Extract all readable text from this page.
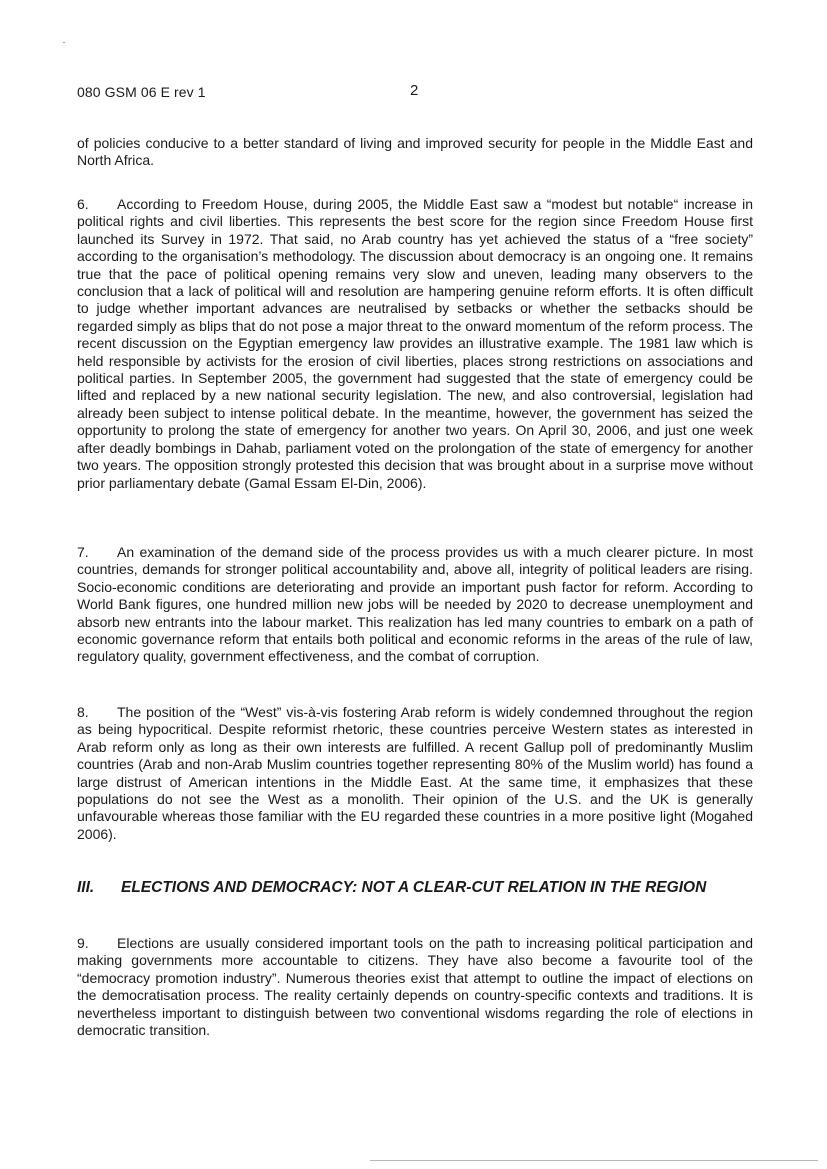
080 GSM 06 E rev 1	2

of policies conducive to a better standard of living and improved security for people in the Middle East and North Africa.

6. According to Freedom House, during 2005, the Middle East saw a “modest but notable“ increase in political rights and civil liberties. This represents the best score for the region since Freedom House first launched its Survey in 1972. That said, no Arab country has yet achieved the status of a “free society” according to the organisation’s methodology. The discussion about democracy is an ongoing one. It remains true that the pace of political opening remains very slow and uneven, leading many observers to the conclusion that a lack of political will and resolution are hampering genuine reform efforts. It is often difficult to judge whether important advances are neutralised by setbacks or whether the setbacks should be regarded simply as blips that do not pose a major threat to the onward momentum of the reform process. The recent discussion on the Egyptian emergency law provides an illustrative example. The 1981 law which is held responsible by activists for the erosion of civil liberties, places strong restrictions on associations and political parties. In September 2005, the government had suggested that the state of emergency could be lifted and replaced by a new national security legislation. The new, and also controversial, legislation had already been subject to intense political debate. In the meantime, however, the government has seized the opportunity to prolong the state of emergency for another two years. On April 30, 2006, and just one week after deadly bombings in Dahab, parliament voted on the prolongation of the state of emergency for another two years. The opposition strongly protested this decision that was brought about in a surprise move without prior parliamentary debate (Gamal Essam El-Din, 2006).

7. An examination of the demand side of the process provides us with a much clearer picture. In most countries, demands for stronger political accountability and, above all, integrity of political leaders are rising. Socio-economic conditions are deteriorating and provide an important push factor for reform. According to World Bank figures, one hundred million new jobs will be needed by 2020 to decrease unemployment and absorb new entrants into the labour market. This realization has led many countries to embark on a path of economic governance reform that entails both political and economic reforms in the areas of the rule of law, regulatory quality, government effectiveness, and the combat of corruption.

8. The position of the “West” vis-à-vis fostering Arab reform is widely condemned throughout the region as being hypocritical. Despite reformist rhetoric, these countries perceive Western states as interested in Arab reform only as long as their own interests are fulfilled. A recent Gallup poll of predominantly Muslim countries (Arab and non-Arab Muslim countries together representing 80% of the Muslim world) has found a large distrust of American intentions in the Middle East. At the same time, it emphasizes that these populations do not see the West as a monolith. Their opinion of the U.S. and the UK is generally unfavourable whereas those familiar with the EU regarded these countries in a more positive light (Mogahed 2006).

III. ELECTIONS AND DEMOCRACY: NOT A CLEAR-CUT RELATION IN THE REGION

9. Elections are usually considered important tools on the path to increasing political participation and making governments more accountable to citizens. They have also become a favourite tool of the “democracy promotion industry”. Numerous theories exist that attempt to outline the impact of elections on the democratisation process. The reality certainly depends on country-specific contexts and traditions. It is nevertheless important to distinguish between two conventional wisdoms regarding the role of elections in democratic transition.
